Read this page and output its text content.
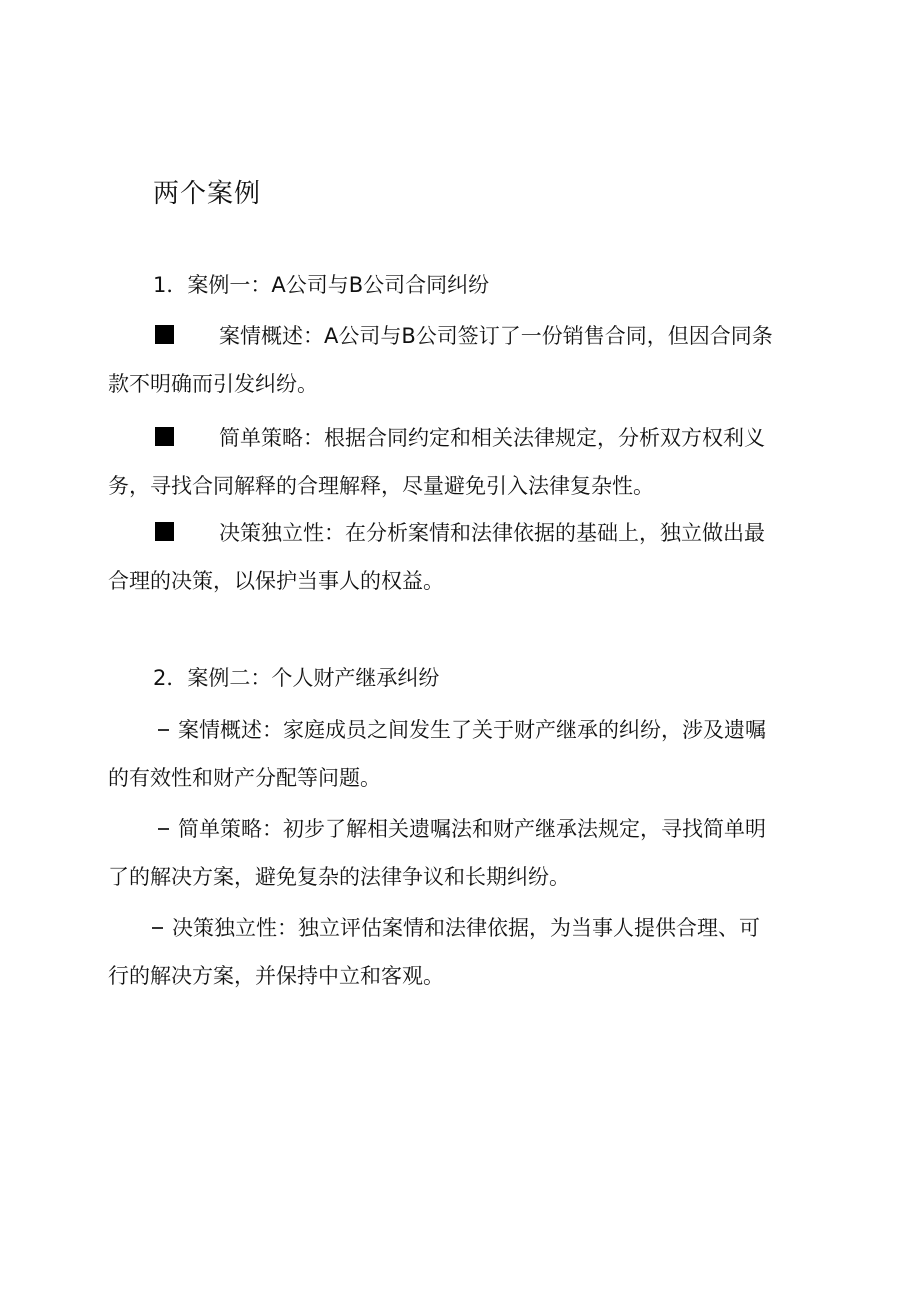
两个案例
1．案例一：A公司与B公司合同纠纷
案情概述：A公司与B公司签订了一份销售合同，但因合同条
款不明确而引发纠纷。
简单策略：根据合同约定和相关法律规定，分析双方权利义
务，寻找合同解释的合理解释，尽量避免引入法律复杂性。
决策独立性：在分析案情和法律依据的基础上，独立做出最
合理的决策，以保护当事人的权益。
2．案例二：个人财产继承纠纷
案情概述：家庭成员之间发生了关于财产继承的纠纷，涉及遗嘱
的有效性和财产分配等问题。
简单策略：初步了解相关遗嘱法和财产继承法规定，寻找简单明
了的解决方案，避免复杂的法律争议和长期纠纷。
决策独立性：独立评估案情和法律依据，为当事人提供合理、可
行的解决方案，并保持中立和客观。
